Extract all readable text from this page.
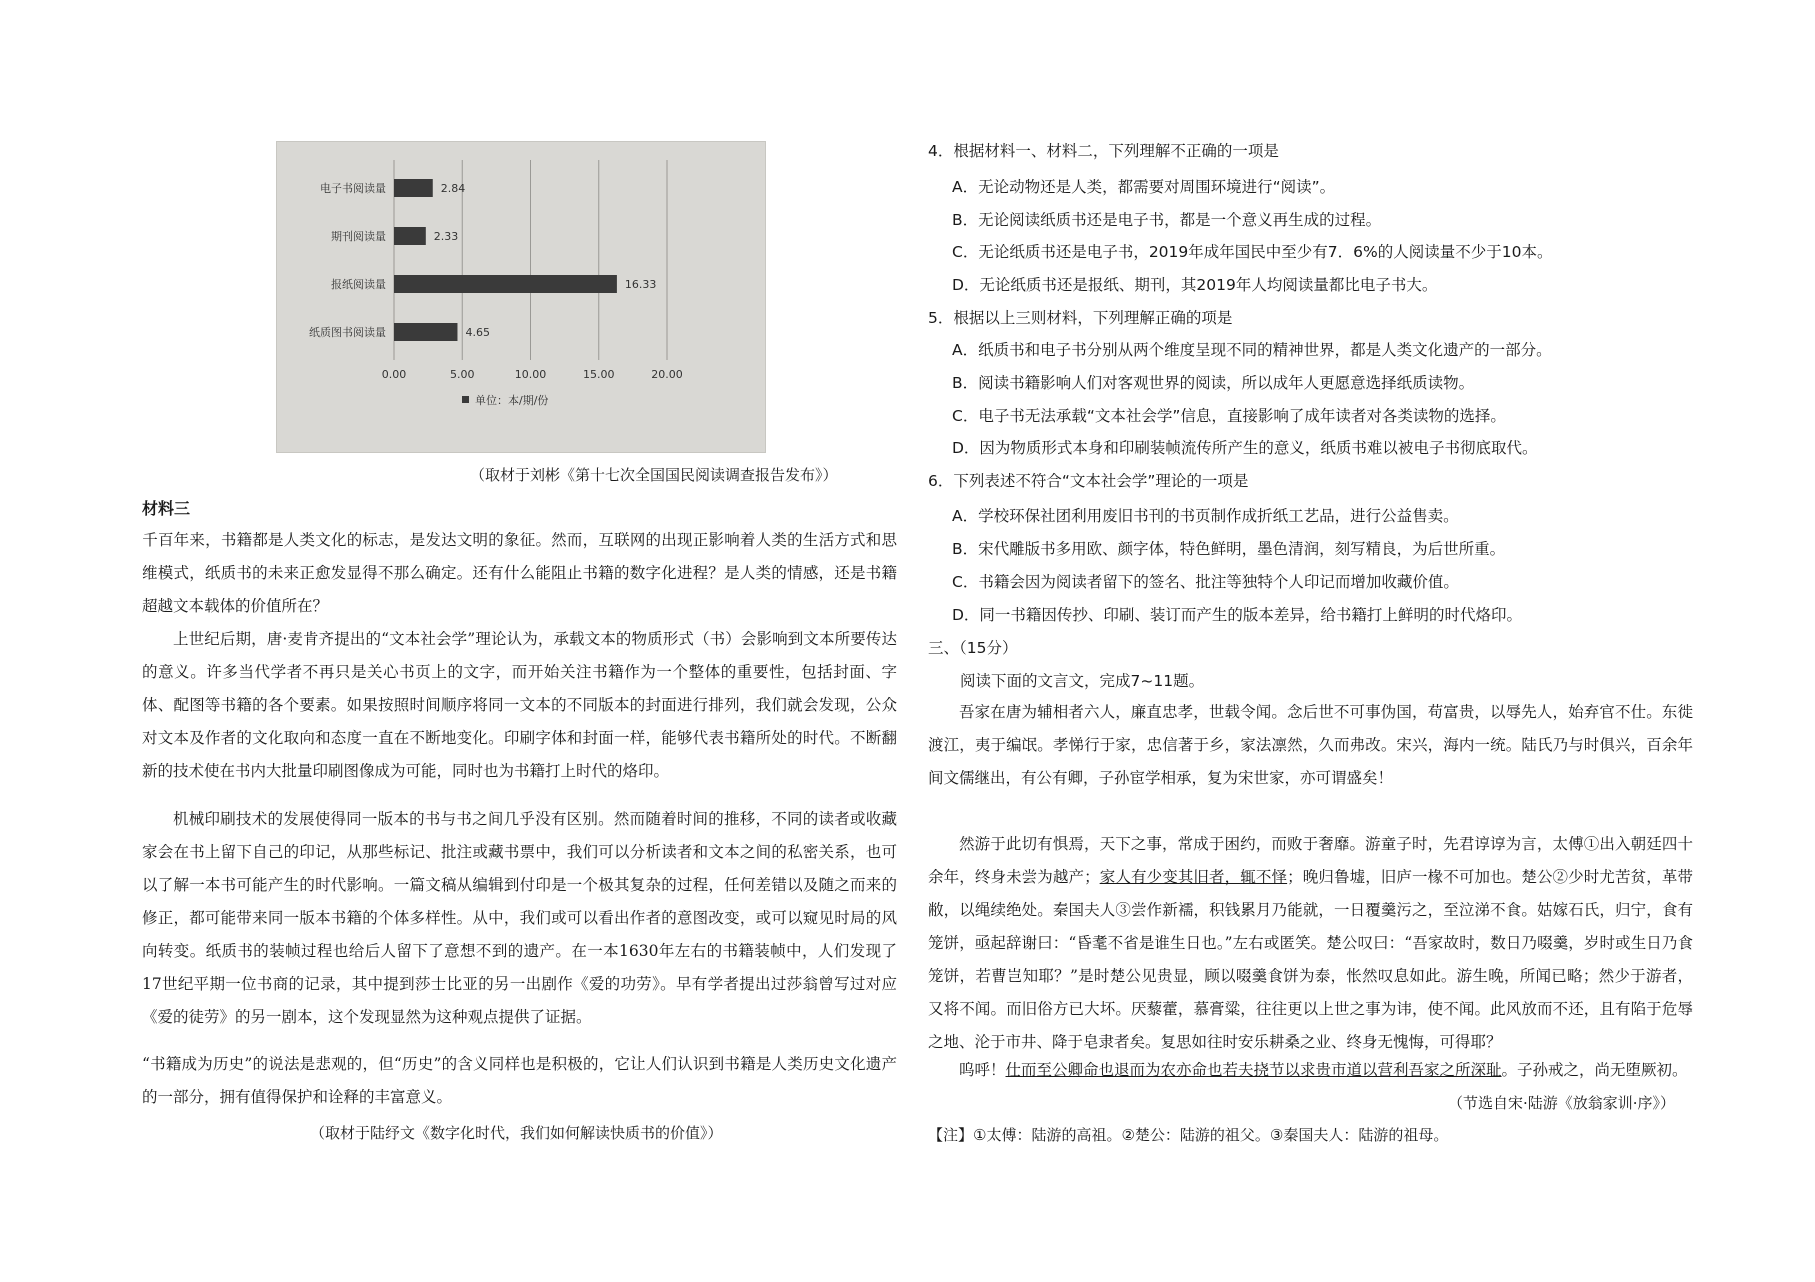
0.00	5.00	10.00	15.00	20.00
电子书阅读量	2.84
期刊阅读量	2.33
报纸阅读量	16.33
纸质图书阅读量	4.65
单位：本/期/份
（取材于刘彬《第十七次全国国民阅读调查报告发布》）
材料三
千百年来，书籍都是人类文化的标志，是发达文明的象征。然而，互联网的出现正影响着人类的生活方式和思维模式，纸质书的未来正愈发显得不那么确定。还有什么能阻止书籍的数字化进程？是人类的情感，还是书籍超越文本载体的价值所在？
上世纪后期，唐·麦肯齐提出的“文本社会学”理论认为，承载文本的物质形式（书）会影响到文本所要传达的意义。许多当代学者不再只是关心书页上的文字，而开始关注书籍作为一个整体的重要性，包括封面、字体、配图等书籍的各个要素。如果按照时间顺序将同一文本的不同版本的封面进行排列，我们就会发现，公众对文本及作者的文化取向和态度一直在不断地变化。印刷字体和封面一样，能够代表书籍所处的时代。不断翻新的技术使在书内大批量印刷图像成为可能，同时也为书籍打上时代的烙印。
机械印刷技术的发展使得同一版本的书与书之间几乎没有区别。然而随着时间的推移，不同的读者或收藏家会在书上留下自己的印记，从那些标记、批注或藏书票中，我们可以分析读者和文本之间的私密关系，也可以了解一本书可能产生的时代影响。一篇文稿从编辑到付印是一个极其复杂的过程，任何差错以及随之而来的修正，都可能带来同一版本书籍的个体多样性。从中，我们或可以看出作者的意图改变，或可以窥见时局的风向转变。纸质书的装帧过程也给后人留下了意想不到的遗产。在一本1630年左右的书籍装帧中，人们发现了17世纪平期一位书商的记录，其中提到莎士比亚的另一出剧作《爱的功劳》。早有学者提出过莎翁曾写过对应《爱的徒劳》的另一剧本，这个发现显然为这种观点提供了证据。
“书籍成为历史”的说法是悲观的，但“历史”的含义同样也是积极的，它让人们认识到书籍是人类历史文化遗产的一部分，拥有值得保护和诠释的丰富意义。
（取材于陆纾文《数字化时代，我们如何解读快质书的价值》）
4．根据材料一、材料二，下列理解不正确的一项是
A．无论动物还是人类，都需要对周围环境进行“阅读”。
B．无论阅读纸质书还是电子书，都是一个意义再生成的过程。
C．无论纸质书还是电子书，2019年成年国民中至少有7．6%的人阅读量不少于10本。
D．无论纸质书还是报纸、期刊，其2019年人均阅读量都比电子书大。
5．根据以上三则材料，下列理解正确的项是
A．纸质书和电子书分别从两个维度呈现不同的精神世界，都是人类文化遗产的一部分。
B．阅读书籍影响人们对客观世界的阅读，所以成年人更愿意选择纸质读物。
C．电子书无法承载“文本社会学”信息，直接影响了成年读者对各类读物的选择。
D．因为物质形式本身和印刷装帧流传所产生的意义，纸质书难以被电子书彻底取代。
6．下列表述不符合“文本社会学”理论的一项是
A．学校环保社团利用废旧书刊的书页制作成折纸工艺品，进行公益售卖。
B．宋代雕版书多用欧、颜字体，特色鲜明，墨色清润，刻写精良，为后世所重。
C．书籍会因为阅读者留下的签名、批注等独特个人印记而增加收藏价值。
D．同一书籍因传抄、印刷、装订而产生的版本差异，给书籍打上鲜明的时代烙印。
三、（15分）
阅读下面的文言文，完成7~11题。
吾家在唐为辅相者六人，廉直忠孝，世载令闻。念后世不可事伪国，苟富贵，以辱先人，始弃官不仕。东徙渡江，夷于编氓。孝悌行于家，忠信著于乡，家法凛然，久而弗改。宋兴，海内一统。陆氏乃与时俱兴，百余年间文儒继出，有公有卿，子孙宦学相承，复为宋世家，亦可谓盛矣！
然游于此切有惧焉，天下之事，常成于困约，而败于奢靡。游童子时，先君谆谆为言，太傅①出入朝廷四十余年，终身未尝为越产；家人有少变其旧者，辄不怿；晚归鲁墟，旧庐一椽不可加也。楚公②少时尤苦贫，革带敝，以绳续绝处。秦国夫人③尝作新襦，积钱累月乃能就，一日覆羹污之，至泣涕不食。姑嫁石氏，归宁，食有笼饼，亟起辞谢曰：“昏耄不省是谁生日也。”左右或匿笑。楚公叹曰：“吾家故时，数日乃啜羹，岁时或生日乃食笼饼，若曹岂知耶？”是时楚公见贵显，顾以啜羹食饼为泰，怅然叹息如此。游生晚，所闻已略；然少于游者，又将不闻。而旧俗方已大坏。厌藜藿，慕膏粱，往往更以上世之事为讳，使不闻。此风放而不还，且有陷于危辱之地、沦于市井、降于皂隶者矣。复思如往时安乐耕桑之业、终身无愧悔，可得耶？
呜呼！仕而至公卿命也退而为农亦命也若夫挠节以求贵市道以营利吾家之所深耻。子孙戒之，尚无堕厥初。
（节选自宋·陆游《放翁家训·序》）
【注】①太傅：陆游的高祖。②楚公：陆游的祖父。③秦国夫人：陆游的祖母。
